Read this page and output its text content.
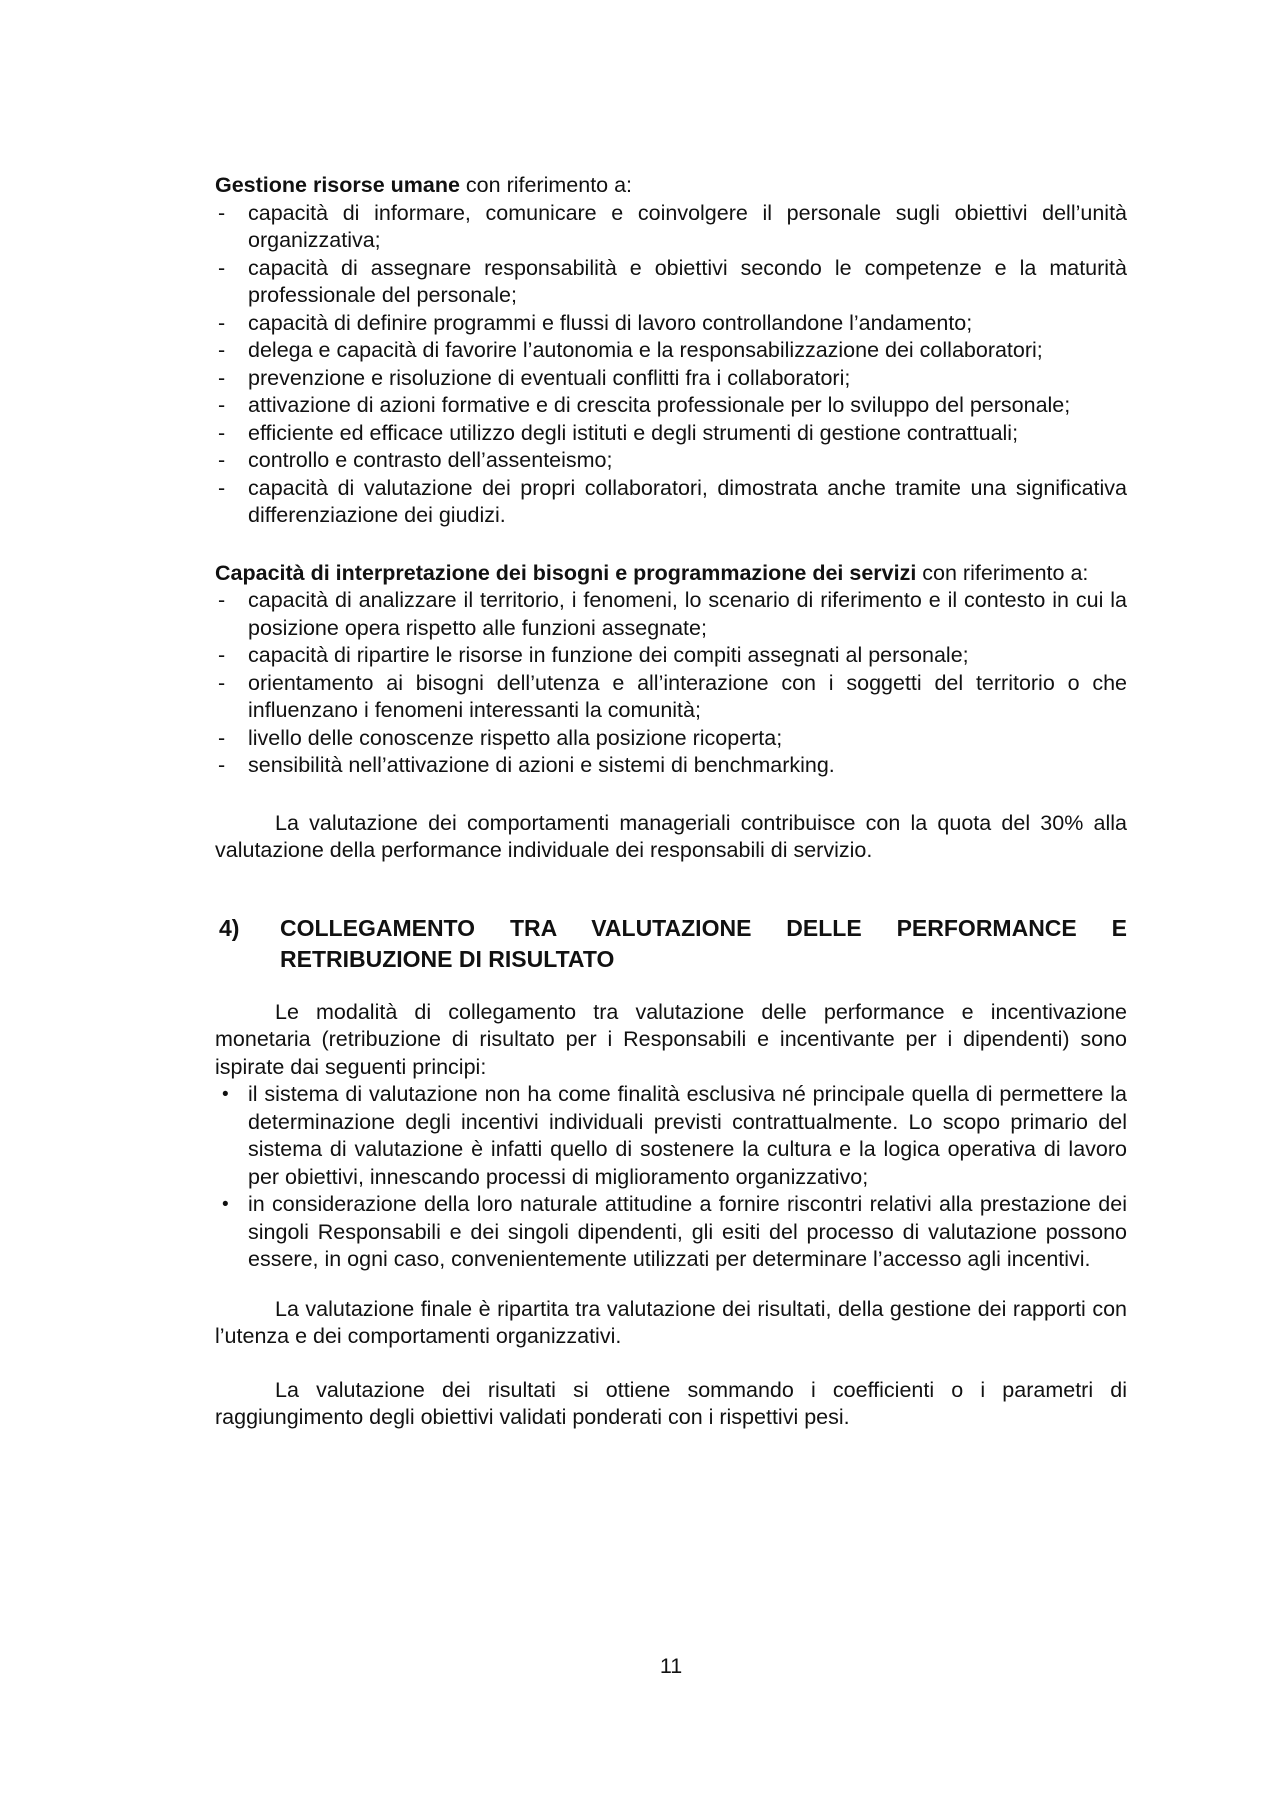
Gestione risorse umane con riferimento a:
- capacità di informare, comunicare e coinvolgere il personale sugli obiettivi dell’unità organizzativa;
- capacità di assegnare responsabilità e obiettivi secondo le competenze e la maturità professionale del personale;
- capacità di definire programmi e flussi di lavoro controllandone l’andamento;
- delega e capacità di favorire l’autonomia e la responsabilizzazione dei collaboratori;
- prevenzione e risoluzione di eventuali conflitti fra i collaboratori;
- attivazione di azioni formative e di crescita professionale per lo sviluppo del personale;
- efficiente ed efficace utilizzo degli istituti e degli strumenti di gestione contrattuali;
- controllo e contrasto dell’assenteismo;
- capacità di valutazione dei propri collaboratori, dimostrata anche tramite una significativa differenziazione dei giudizi.
Capacità di interpretazione dei bisogni e programmazione dei servizi con riferimento a:
- capacità di analizzare il territorio, i fenomeni, lo scenario di riferimento e il contesto in cui la posizione opera rispetto alle funzioni assegnate;
- capacità di ripartire le risorse in funzione dei compiti assegnati al personale;
- orientamento ai bisogni dell’utenza e all’interazione con i soggetti del territorio o che influenzano i fenomeni interessanti la comunità;
- livello delle conoscenze rispetto alla posizione ricoperta;
- sensibilità nell’attivazione di azioni e sistemi di benchmarking.

La valutazione dei comportamenti manageriali contribuisce con la quota del 30% alla valutazione della performance individuale dei responsabili di servizio.

4) COLLEGAMENTO TRA VALUTAZIONE DELLE PERFORMANCE E
RETRIBUZIONE DI RISULTATO

Le modalità di collegamento tra valutazione delle performance e incentivazione monetaria (retribuzione di risultato per i Responsabili e incentivante per i dipendenti) sono ispirate dai seguenti principi:

• il sistema di valutazione non ha come finalità esclusiva né principale quella di permettere la determinazione degli incentivi individuali previsti contrattualmente. Lo scopo primario del sistema di valutazione è infatti quello di sostenere la cultura e la logica operativa di lavoro per obiettivi, innescando processi di miglioramento organizzativo;
• in considerazione della loro naturale attitudine a fornire riscontri relativi alla prestazione dei singoli Responsabili e dei singoli dipendenti, gli esiti del processo di valutazione possono essere, in ogni caso, convenientemente utilizzati per determinare l’accesso agli incentivi.

La valutazione finale è ripartita tra valutazione dei risultati, della gestione dei rapporti con l’utenza e dei comportamenti organizzativi.

La valutazione dei risultati si ottiene sommando i coefficienti o i parametri di raggiungimento degli obiettivi validati ponderati con i rispettivi pesi.

11
